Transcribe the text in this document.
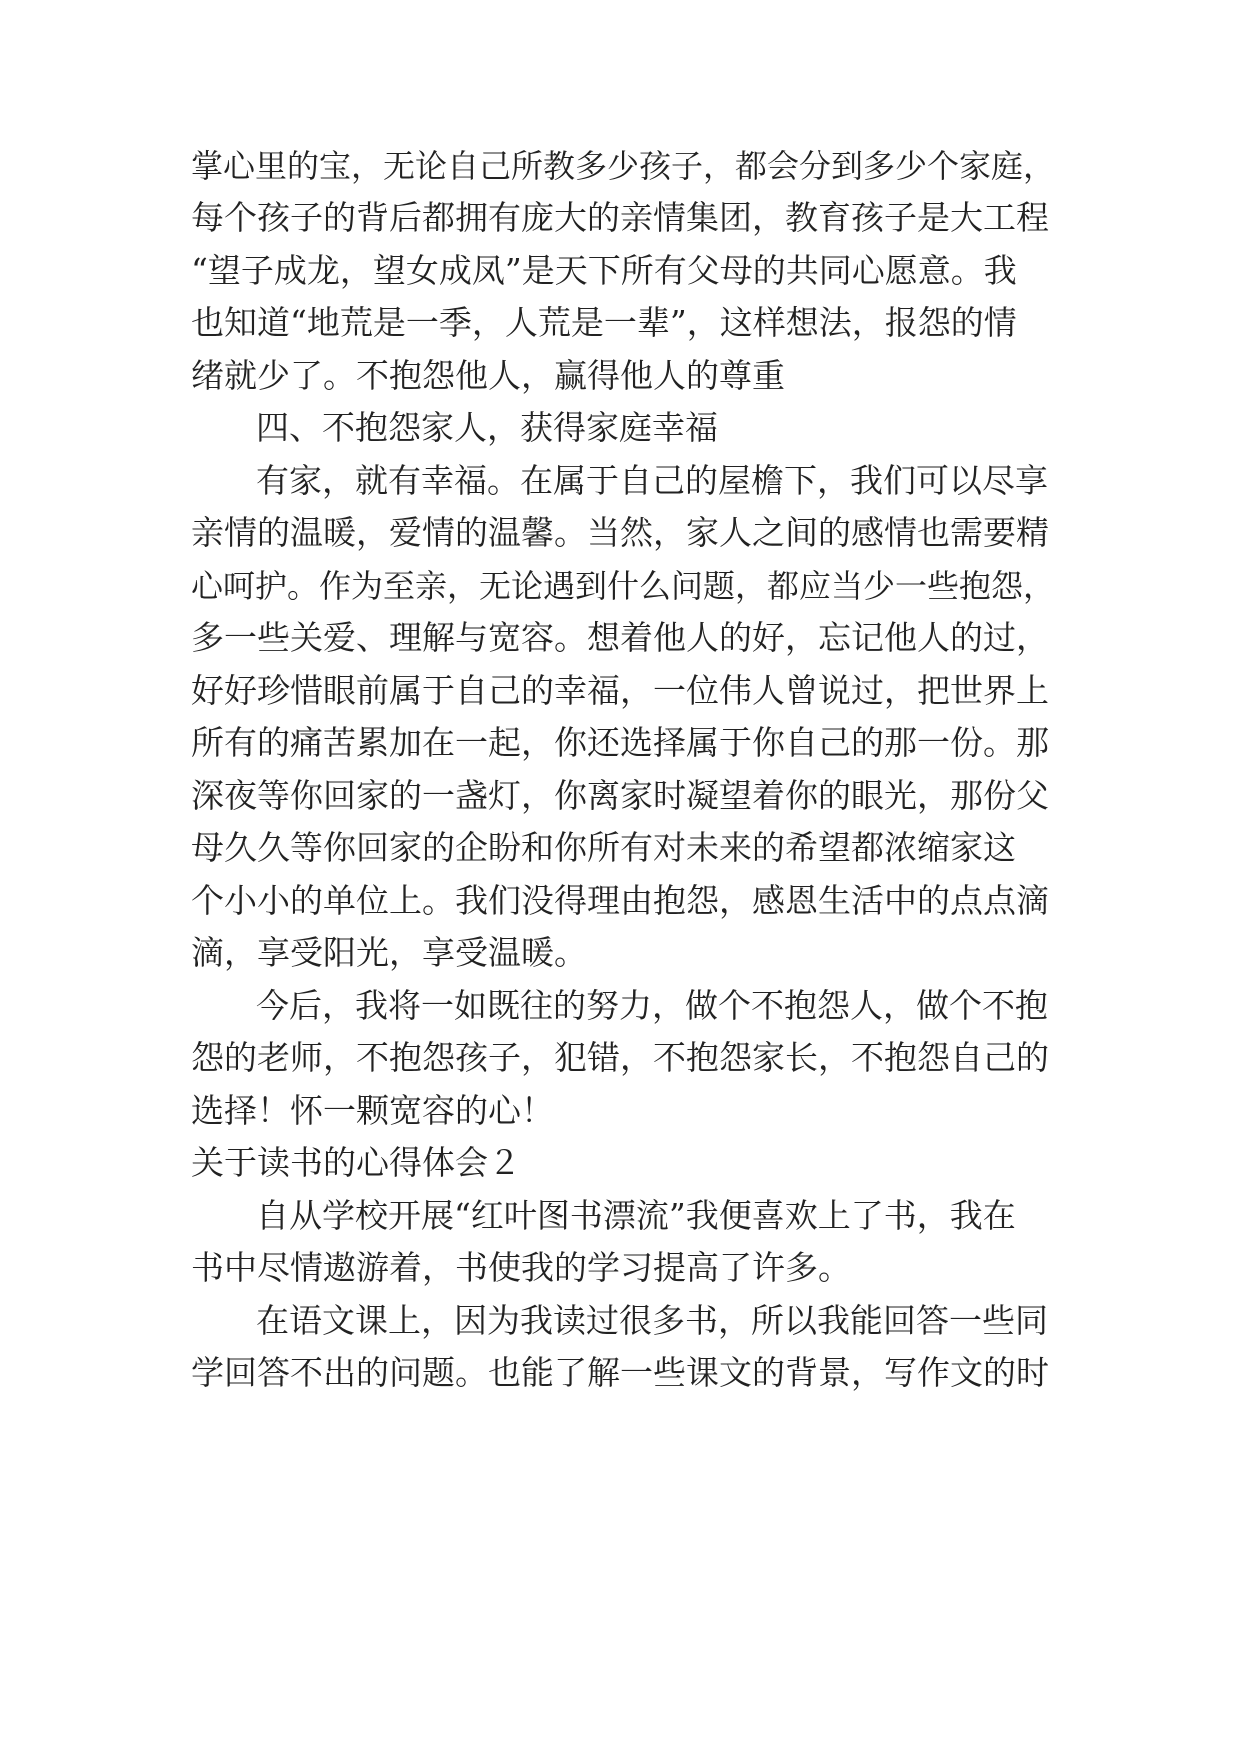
掌心里的宝，无论自己所教多少孩子，都会分到多少个家庭，
每个孩子的背后都拥有庞大的亲情集团，教育孩子是大工程
“望子成龙，望女成凤”是天下所有父母的共同心愿意。我
也知道“地荒是一季，人荒是一辈”，这样想法，报怨的情
绪就少了。不抱怨他人，赢得他人的尊重
四、不抱怨家人，获得家庭幸福
有家，就有幸福。在属于自己的屋檐下，我们可以尽享
亲情的温暖，爱情的温馨。当然，家人之间的感情也需要精
心呵护。作为至亲，无论遇到什么问题，都应当少一些抱怨，
多一些关爱、理解与宽容。想着他人的好，忘记他人的过，
好好珍惜眼前属于自己的幸福，一位伟人曾说过，把世界上
所有的痛苦累加在一起，你还选择属于你自己的那一份。那
深夜等你回家的一盏灯，你离家时凝望着你的眼光，那份父
母久久等你回家的企盼和你所有对未来的希望都浓缩家这
个小小的单位上。我们没得理由抱怨，感恩生活中的点点滴
滴，享受阳光，享受温暖。
今后，我将一如既往的努力，做个不抱怨人，做个不抱
怨的老师，不抱怨孩子，犯错，不抱怨家长，不抱怨自己的
选择！怀一颗宽容的心！
关于读书的心得体会２
自从学校开展“红叶图书漂流”我便喜欢上了书，我在
书中尽情遨游着，书使我的学习提高了许多。
在语文课上，因为我读过很多书，所以我能回答一些同
学回答不出的问题。也能了解一些课文的背景，写作文的时
